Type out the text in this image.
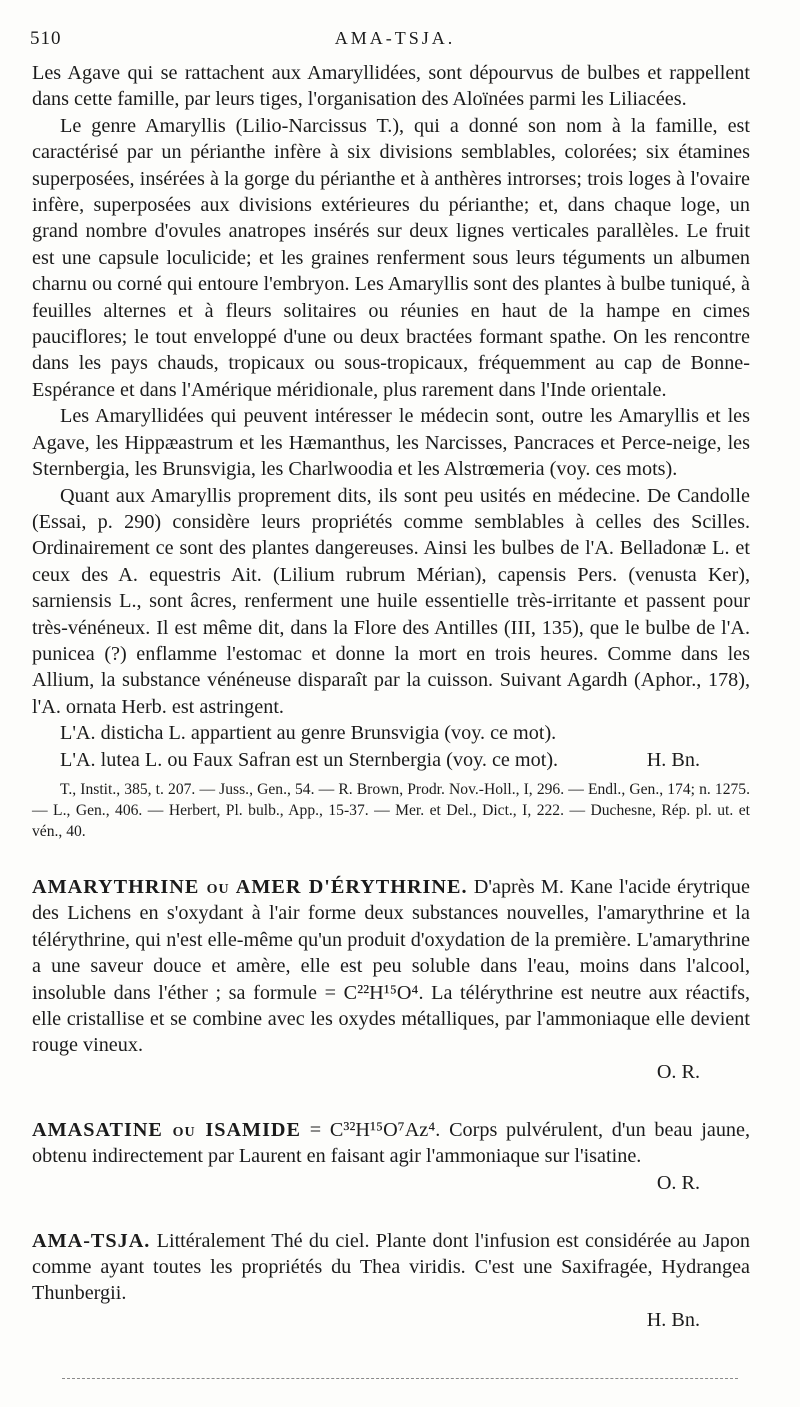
510	AMA-TSJA.

Les Agave qui se rattachent aux Amaryllidées, sont dépourvus de bulbes et rappellent dans cette famille, par leurs tiges, l'organisation des Aloïnées parmi les Liliacées.

Le genre Amaryllis (Lilio-Narcissus T.), qui a donné son nom à la famille, est caractérisé par un périanthe infère à six divisions semblables, colorées; six étamines superposées, insérées à la gorge du périanthe et à anthères introrses; trois loges à l'ovaire infère, superposées aux divisions extérieures du périanthe; et, dans chaque loge, un grand nombre d'ovules anatropes insérés sur deux lignes verticales parallèles. Le fruit est une capsule loculicide; et les graines renferment sous leurs téguments un albumen charnu ou corné qui entoure l'embryon. Les Amaryllis sont des plantes à bulbe tuniqué, à feuilles alternes et à fleurs solitaires ou réunies en haut de la hampe en cimes pauciflores; le tout enveloppé d'une ou deux bractées formant spathe. On les rencontre dans les pays chauds, tropicaux ou sous-tropicaux, fréquemment au cap de Bonne-Espérance et dans l'Amérique méridionale, plus rarement dans l'Inde orientale.

Les Amaryllidées qui peuvent intéresser le médecin sont, outre les Amaryllis et les Agave, les Hippæastrum et les Hæmanthus, les Narcisses, Pancraces et Perce-neige, les Sternbergia, les Brunsvigia, les Charlwoodia et les Alstrœmeria (voy. ces mots).

Quant aux Amaryllis proprement dits, ils sont peu usités en médecine. De Candolle (Essai, p. 290) considère leurs propriétés comme semblables à celles des Scilles. Ordinairement ce sont des plantes dangereuses. Ainsi les bulbes de l'A. Belladonæ L. et ceux des A. equestris Ait. (Lilium rubrum Mérian), capensis Pers. (venusta Ker), sarniensis L., sont âcres, renferment une huile essentielle très-irritante et passent pour très-vénéneux. Il est même dit, dans la Flore des Antilles (III, 135), que le bulbe de l'A. punicea (?) enflamme l'estomac et donne la mort en trois heures. Comme dans les Allium, la substance vénéneuse disparaît par la cuisson. Suivant Agardh (Aphor., 178), l'A. ornata Herb. est astringent.

L'A. disticha L. appartient au genre Brunsvigia (voy. ce mot).

L'A. lutea L. ou Faux Safran est un Sternbergia (voy. ce mot).	H. Bn.

T., Instit., 385, t. 207. — Juss., Gen., 54. — R. Brown, Prodr. Nov.-Holl., I, 296. — Endl., Gen., 174; n. 1275. — L., Gen., 406. — Herbert, Pl. bulb., App., 15-37. — Mer. et Del., Dict., I, 222. — Duchesne, Rép. pl. ut. et vén., 40.

AMARYTHRINE ou AMER D'ÉRYTHRINE. D'après M. Kane l'acide érytrique des Lichens en s'oxydant à l'air forme deux substances nouvelles, l'amarythrine et la télérythrine, qui n'est elle-même qu'un produit d'oxydation de la première. L'amarythrine a une saveur douce et amère, elle est peu soluble dans l'eau, moins dans l'alcool, insoluble dans l'éther ; sa formule = C²²H¹⁵O⁴. La télérythrine est neutre aux réactifs, elle cristallise et se combine avec les oxydes métalliques, par l'ammoniaque elle devient rouge vineux.

O. R.

AMASATINE ou ISAMIDE = C³²H¹⁵O⁷Az⁴. Corps pulvérulent, d'un beau jaune, obtenu indirectement par Laurent en faisant agir l'ammoniaque sur l'isatine.

O. R.

AMA-TSJA. Littéralement Thé du ciel. Plante dont l'infusion est considérée au Japon comme ayant toutes les propriétés du Thea viridis. C'est une Saxifragée, Hydrangea Thunbergii.

H. Bn.
